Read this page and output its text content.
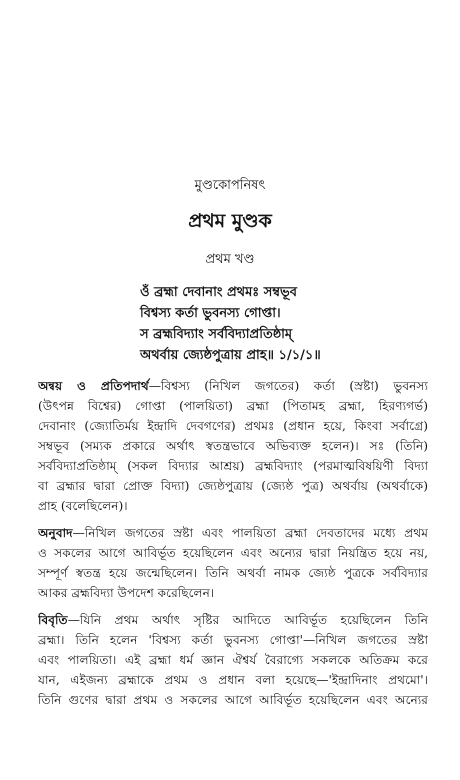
মুণ্ডকোপনিষৎ
প্রথম মুণ্ডক
প্রথম খণ্ড
ওঁ ব্রহ্মা দেবানাং প্রথমঃ সম্বভূব
বিশ্বস্য কর্তা ভুবনস্য গোপ্তা।
স ব্রহ্মবিদ্যাং সর্ববিদ্যাপ্রতিষ্ঠাম্‌
অথর্বায় জ্যেষ্ঠপুত্রায় প্রাহ॥ ১/১/১॥
অন্বয় ও প্রতিপদার্থ—বিশ্বস্য (নিখিল জগতের) কর্তা (স্রষ্টা) ভুবনস্য
(উৎপন্ন বিশ্বের) গোপ্তা (পালয়িতা) ব্রহ্মা (পিতামহ ব্রহ্মা, হিরণ্যগর্ভ)
দেবানাং (জ্যোতির্ময় ইন্দ্রাদি দেবগণের) প্রথমঃ (প্রধান হয়ে, কিংবা সর্বাগ্রে)
সম্বভূব (সম্যক প্রকারে অর্থাৎ স্বতন্ত্রভাবে অভিব্যক্ত হলেন)। সঃ (তিনি)
সর্ববিদ্যাপ্রতিষ্ঠাম্‌ (সকল বিদ্যার আশ্রয়) ব্রহ্মবিদ্যাং (পরমাত্মবিষয়িণী বিদ্যা
বা ব্রহ্মার দ্বারা প্রোক্ত বিদ্যা) জ্যেষ্ঠপুত্রায় (জ্যেষ্ঠ পুত্র) অথর্বায় (অথর্বাকে)
প্রাহ (বলেছিলেন)।
অনুবাদ—নিখিল জগতের স্রষ্টা এবং পালয়িতা ব্রহ্মা দেবতাদের মধ্যে প্রথম
ও সকলের আগে আবির্ভূত হয়েছিলেন এবং অন্যের দ্বারা নিয়ন্ত্রিত হয়ে নয়,
সম্পূর্ণ স্বতন্ত্র হয়ে জন্মেছিলেন। তিনি অথর্বা নামক জ্যেষ্ঠ পুত্রকে সর্ববিদ্যার
আকর ব্রহ্মবিদ্যা উপদেশ করেছিলেন।
বিবৃতি—যিনি প্রথম অর্থাৎ সৃষ্টির আদিতে আবির্ভূত হয়েছিলেন তিনি
ব্রহ্মা। তিনি হলেন 'বিশ্বস্য কর্তা ভুবনস্য গোপ্তা'—নিখিল জগতের স্রষ্টা
এবং পালয়িতা। এই ব্রহ্মা ধর্ম জ্ঞান ঐশ্বর্য বৈরাগ্যে সকলকে অতিক্রম করে
যান, এইজন্য ব্রহ্মাকে প্রথম ও প্রধান বলা হয়েছে—'ইন্দ্রাদিনাং প্রথমো'।
তিনি গুণের দ্বারা প্রথম ও সকলের আগে আবির্ভূত হয়েছিলেন এবং অন্যের
